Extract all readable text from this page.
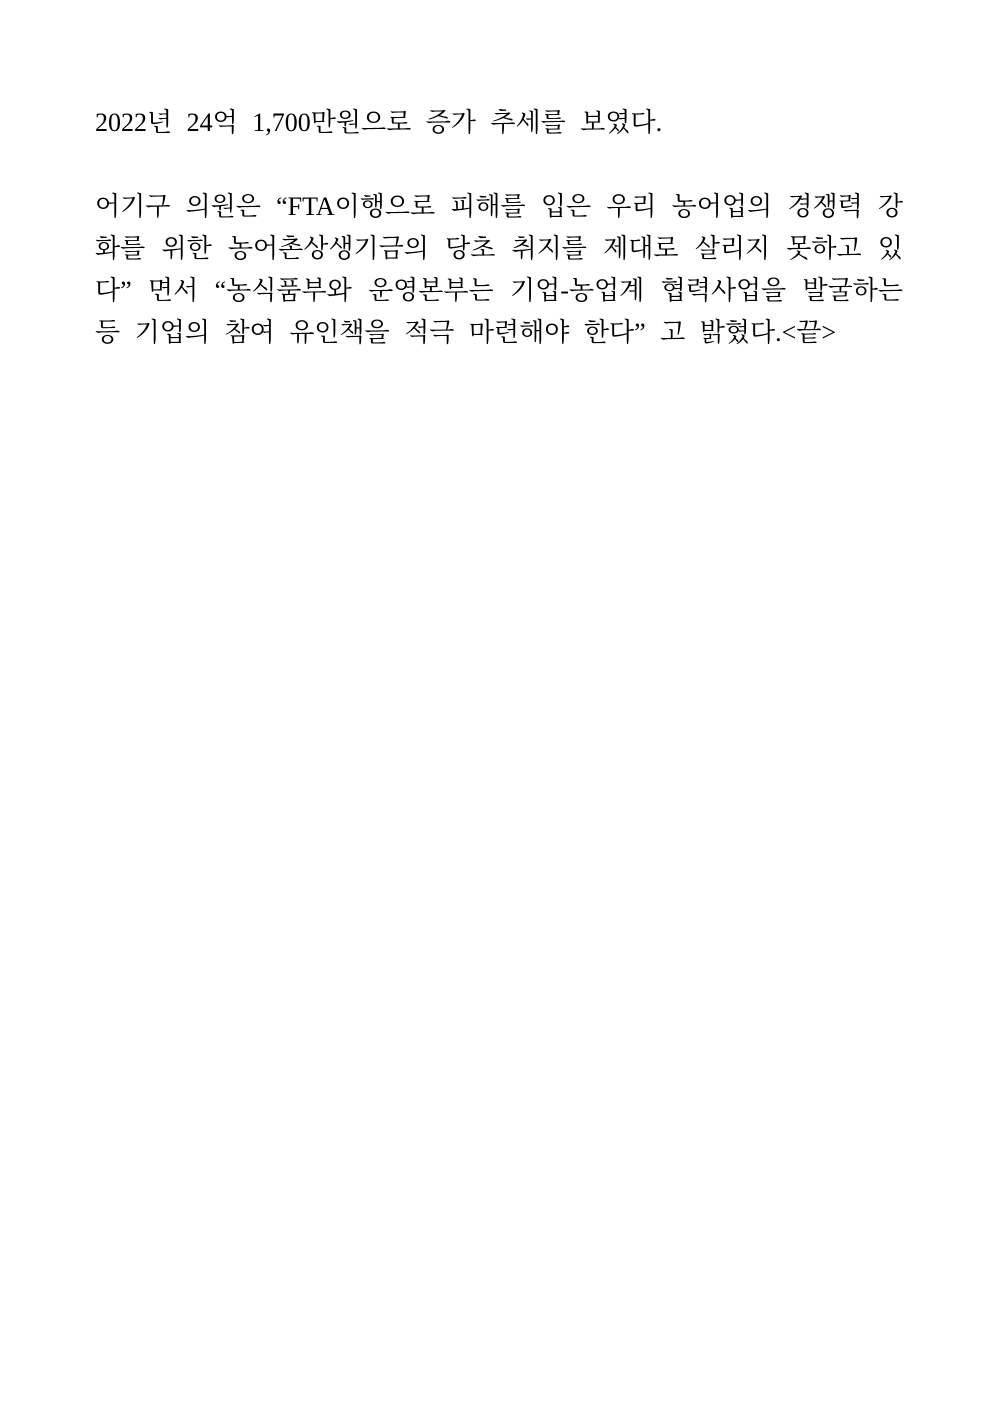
2022년 24억 1,700만원으로 증가 추세를 보였다.

어기구 의원은 “FTA이행으로 피해를 입은 우리 농어업의 경쟁력 강화를 위한 농어촌상생기금의 당초 취지를 제대로 살리지 못하고 있다” 면서 “농식품부와 운영본부는 기업-농업계 협력사업을 발굴하는 등 기업의 참여 유인책을 적극 마련해야 한다” 고 밝혔다.<끝>
